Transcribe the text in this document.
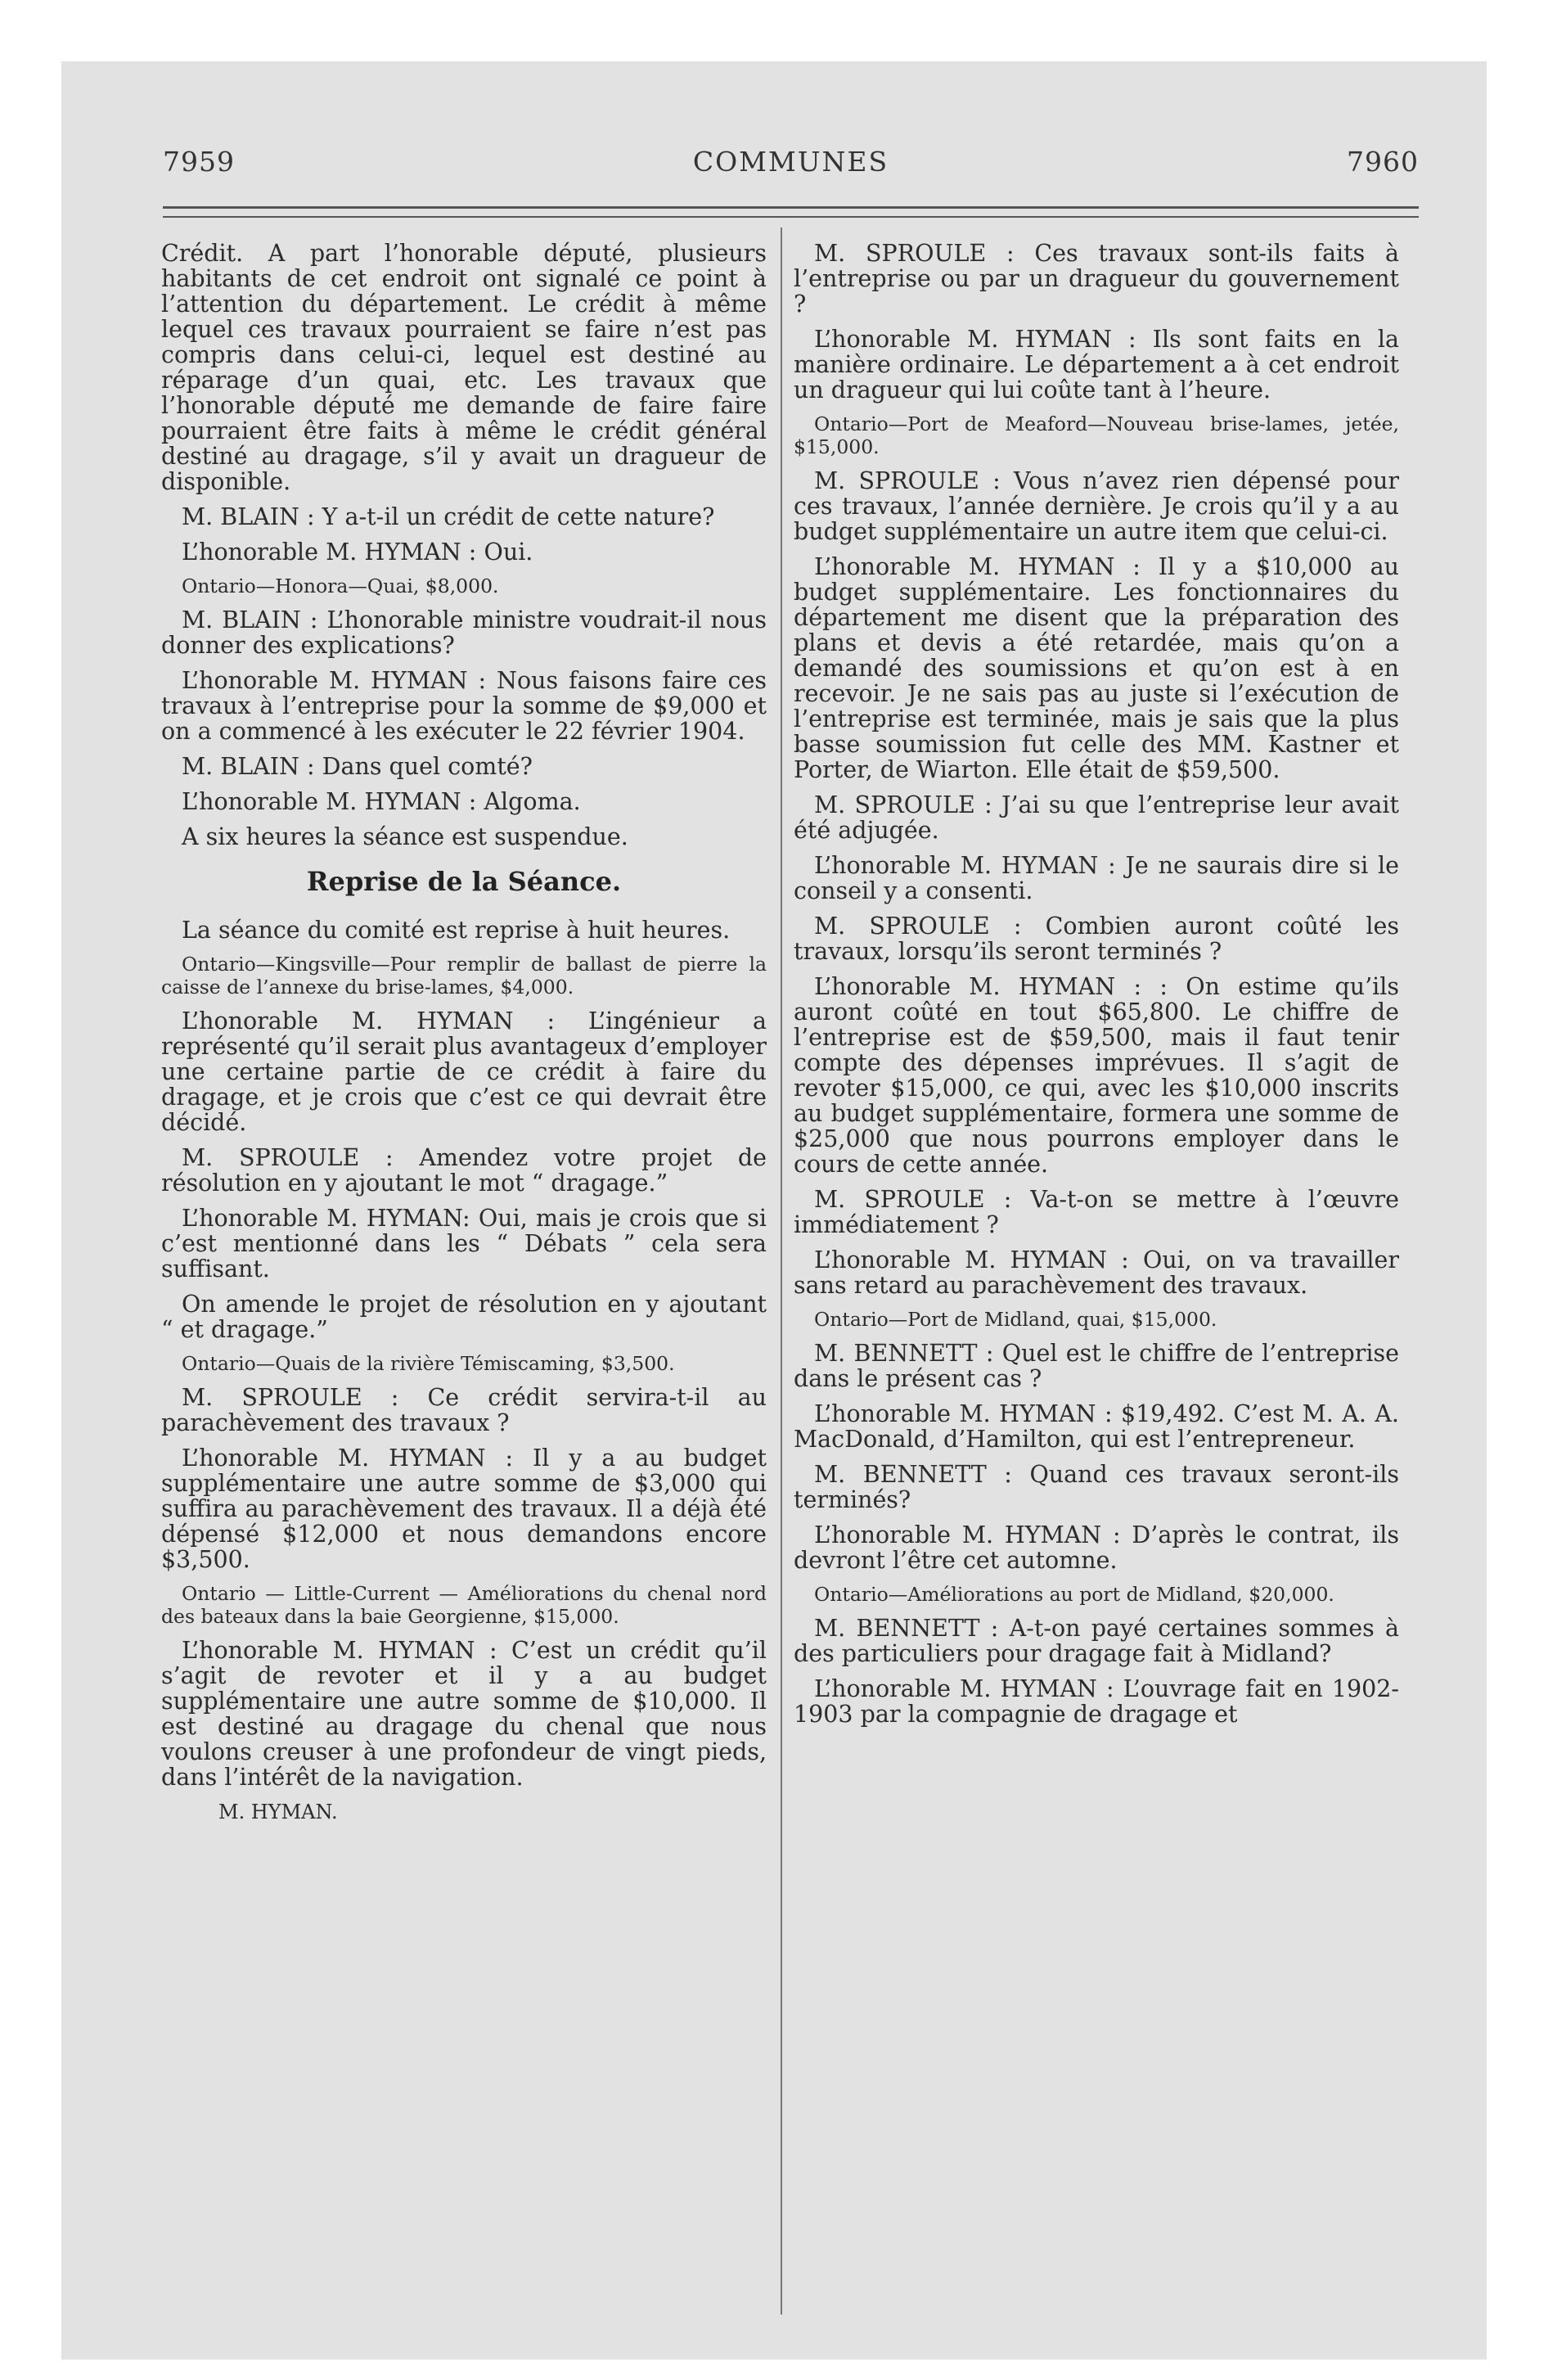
7959	COMMUNES	7960

Crédit. A part l’honorable député, plusieurs habitants de cet endroit ont signalé ce point à l’attention du département. Le crédit à même lequel ces travaux pourraient se faire n’est pas compris dans celui-ci, lequel est destiné au réparage d’un quai, etc. Les travaux que l’honorable député me demande de faire faire pourraient être faits à même le crédit général destiné au dragage, s’il y avait un dragueur de disponible.

M. BLAIN : Y a-t-il un crédit de cette nature?

L’honorable M. HYMAN : Oui.

Ontario—Honora—Quai, $8,000.

M. BLAIN : L’honorable ministre voudrait-il nous donner des explications?

L’honorable M. HYMAN : Nous faisons faire ces travaux à l’entreprise pour la somme de $9,000 et on a commencé à les exécuter le 22 février 1904.

M. BLAIN : Dans quel comté?

L’honorable M. HYMAN : Algoma.

A six heures la séance est suspendue.

Reprise de la Séance.

La séance du comité est reprise à huit heures.

Ontario—Kingsville—Pour remplir de ballast de pierre la caisse de l’annexe du brise-lames, $4,000.

L’honorable M. HYMAN : L’ingénieur a représenté qu’il serait plus avantageux d’employer une certaine partie de ce crédit à faire du dragage, et je crois que c’est ce qui devrait être décidé.

M. SPROULE : Amendez votre projet de résolution en y ajoutant le mot “ dragage.”

L’honorable M. HYMAN: Oui, mais je crois que si c’est mentionné dans les “ Débats ” cela sera suffisant.

On amende le projet de résolution en y ajoutant “ et dragage.”

Ontario—Quais de la rivière Témiscaming, $3,500.

M. SPROULE : Ce crédit servira-t-il au parachèvement des travaux ?

L’honorable M. HYMAN : Il y a au budget supplémentaire une autre somme de $3,000 qui suffira au parachèvement des travaux. Il a déjà été dépensé $12,000 et nous demandons encore $3,500.

Ontario — Little-Current — Améliorations du chenal nord des bateaux dans la baie Georgienne, $15,000.

L’honorable M. HYMAN : C’est un crédit qu’il s’agit de revoter et il y a au budget supplémentaire une autre somme de $10,000. Il est destiné au dragage du chenal que nous voulons creuser à une profondeur de vingt pieds, dans l’intérêt de la navigation.

M. HYMAN.

M. SPROULE : Ces travaux sont-ils faits à l’entreprise ou par un dragueur du gouvernement ?

L’honorable M. HYMAN : Ils sont faits en la manière ordinaire. Le département a à cet endroit un dragueur qui lui coûte tant à l’heure.

Ontario—Port de Meaford—Nouveau brise-lames, jetée, $15,000.

M. SPROULE : Vous n’avez rien dépensé pour ces travaux, l’année dernière. Je crois qu’il y a au budget supplémentaire un autre item que celui-ci.

L’honorable M. HYMAN : Il y a $10,000 au budget supplémentaire. Les fonctionnaires du département me disent que la préparation des plans et devis a été retardée, mais qu’on a demandé des soumissions et qu’on est à en recevoir. Je ne sais pas au juste si l’exécution de l’entreprise est terminée, mais je sais que la plus basse soumission fut celle des MM. Kastner et Porter, de Wiarton. Elle était de $59,500.

M. SPROULE : J’ai su que l’entreprise leur avait été adjugée.

L’honorable M. HYMAN : Je ne saurais dire si le conseil y a consenti.

M. SPROULE : Combien auront coûté les travaux, lorsqu’ils seront terminés ?

L’honorable M. HYMAN : : On estime qu’ils auront coûté en tout $65,800. Le chiffre de l’entreprise est de $59,500, mais il faut tenir compte des dépenses imprévues. Il s’agit de revoter $15,000, ce qui, avec les $10,000 inscrits au budget supplémentaire, formera une somme de $25,000 que nous pourrons employer dans le cours de cette année.

M. SPROULE : Va-t-on se mettre à l’œuvre immédiatement ?

L’honorable M. HYMAN : Oui, on va travailler sans retard au parachèvement des travaux.

Ontario—Port de Midland, quai, $15,000.

M. BENNETT : Quel est le chiffre de l’entreprise dans le présent cas ?

L’honorable M. HYMAN : $19,492. C’est M. A. A. MacDonald, d’Hamilton, qui est l’entrepreneur.

M. BENNETT : Quand ces travaux seront-ils terminés?

L’honorable M. HYMAN : D’après le contrat, ils devront l’être cet automne.

Ontario—Améliorations au port de Midland, $20,000.

M. BENNETT : A-t-on payé certaines sommes à des particuliers pour dragage fait à Midland?

L’honorable M. HYMAN : L’ouvrage fait en 1902-1903 par la compagnie de dragage et
